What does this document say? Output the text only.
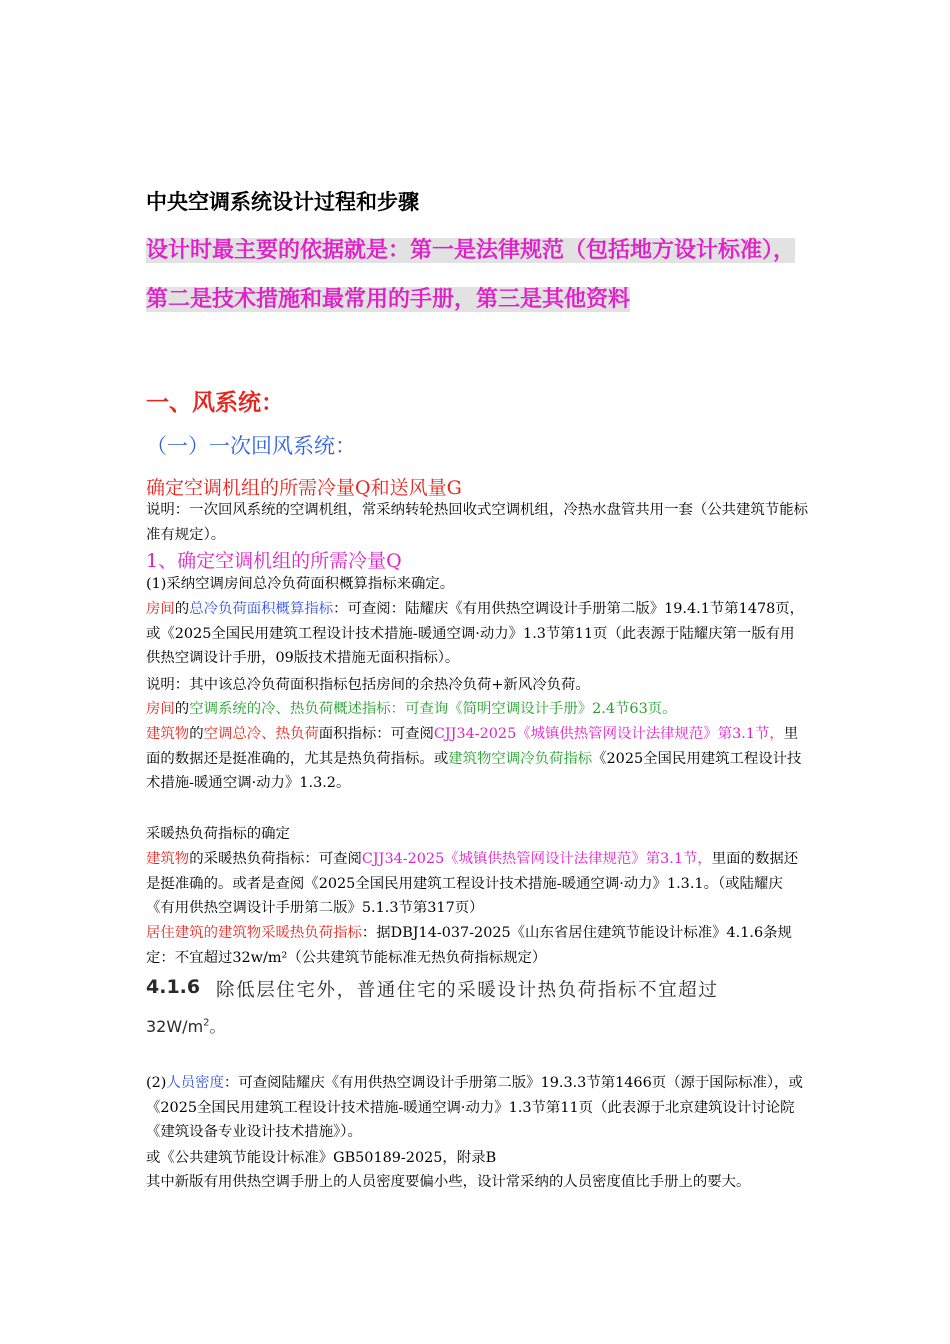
中央空调系统设计过程和步骤
设计时最主要的依据就是：第一是法律规范（包括地方设计标准），第二是技术措施和最常用的手册，第三是其他资料
一、风系统：
（一）一次回风系统：
确定空调机组的所需冷量Q和送风量G
说明：一次回风系统的空调机组，常采纳转轮热回收式空调机组，冷热水盘管共用一套（公共建筑节能标准有规定）。
1、确定空调机组的所需冷量Q
(1)采纳空调房间总冷负荷面积概算指标来确定。
房间的总冷负荷面积概算指标：可查阅：陆耀庆《有用供热空调设计手册第二版》19.4.1节第1478页，或《2025全国民用建筑工程设计技术措施-暖通空调·动力》1.3节第11页（此表源于陆耀庆第一版有用供热空调设计手册，09版技术措施无面积指标）。
说明：其中该总冷负荷面积指标包括房间的余热冷负荷+新风冷负荷。
房间的空调系统的冷、热负荷概述指标：可查询《简明空调设计手册》2.4节63页。
建筑物的空调总冷、热负荷面积指标：可查阅CJJ34-2025《城镇供热管网设计法律规范》第3.1节，里面的数据还是挺准确的，尤其是热负荷指标。或建筑物空调冷负荷指标《2025全国民用建筑工程设计技术措施-暖通空调·动力》1.3.2。
采暖热负荷指标的确定
建筑物的采暖热负荷指标：可查阅CJJ34-2025《城镇供热管网设计法律规范》第3.1节，里面的数据还是挺准确的。或者是查阅《2025全国民用建筑工程设计技术措施-暖通空调·动力》1.3.1。（或陆耀庆《有用供热空调设计手册第二版》5.1.3节第317页）
居住建筑的建筑物采暖热负荷指标：据DBJ14-037-2025《山东省居住建筑节能设计标准》4.1.6条规定：不宜超过32w/m²（公共建筑节能标准无热负荷指标规定）
4.1.6 除低层住宅外，普通住宅的采暖设计热负荷指标不宜超过
$32W/m^2$。
(2)人员密度：可查阅陆耀庆《有用供热空调设计手册第二版》19.3.3节第1466页（源于国际标准），或《2025全国民用建筑工程设计技术措施-暖通空调·动力》1.3节第11页（此表源于北京建筑设计讨论院《建筑设备专业设计技术措施》）。
或《公共建筑节能设计标准》GB50189-2025，附录B
其中新版有用供热空调手册上的人员密度要偏小些，设计常采纳的人员密度值比手册上的要大。
